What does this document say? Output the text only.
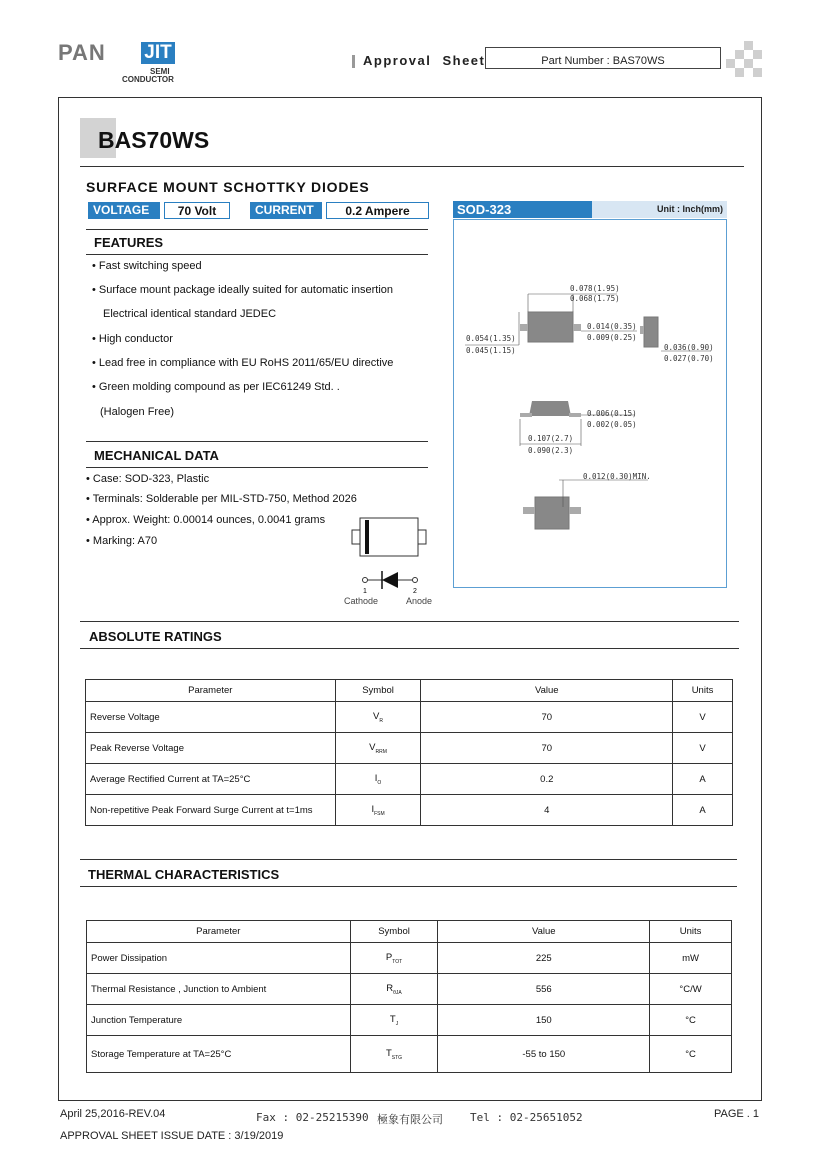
PAN JIT
SEMI
CONDUCTOR
Approval Sheet	Part Number : BAS70WS
BAS70WS
SURFACE MOUNT SCHOTTKY DIODES
VOLTAGE	70 Volt	CURRENT	0.2 Ampere
FEATURES
• Fast switching speed
• Surface mount package ideally suited for automatic insertion
Electrical identical standard JEDEC
• High conductor
• Lead free in compliance with EU RoHS 2011/65/EU directive
• Green molding compound as per IEC61249 Std. .
(Halogen Free)
MECHANICAL DATA
• Case: SOD-323, Plastic
• Terminals: Solderable per MIL-STD-750, Method 2026
• Approx. Weight: 0.00014 ounces, 0.0041 grams
• Marking: A70
1	2
Cathode	Anode
SOD-323	Unit : Inch(mm)
0.078(1.95)
0.068(1.75)
0.054(1.35)
0.045(1.15)
0.014(0.35)
0.009(0.25)
0.036(0.90)
0.027(0.70)
0.006(0.15)
0.002(0.05)
0.107(2.7)
0.090(2.3)
0.012(0.30)MIN.
ABSOLUTE RATINGS
Parameter	Symbol	Value	Units
Reverse Voltage	$V_R$	70	V
Peak Reverse Voltage	$V_{RRM}$	70	V
Average Rectified Current at TA=25°C	$I_O$	0.2	A
Non-repetitive Peak Forward Surge Current at t=1ms	$I_{FSM}$	4	A
THERMAL CHARACTERISTICS
Parameter	Symbol	Value	Units
Power Dissipation	$P_{TOT}$	225	mW
Thermal Resistance , Junction to Ambient	$R_{\theta JA}$	556	°C/W
Junction Temperature	$T_J$	150	°C
Storage Temperature at TA=25°C	$T_{STG}$	-55 to 150	°C
April 25,2016-REV.04	Fax : 02-25215390 極象有限公司 Tel : 02-25651052	PAGE . 1
APPROVAL SHEET ISSUE DATE : 3/19/2019
